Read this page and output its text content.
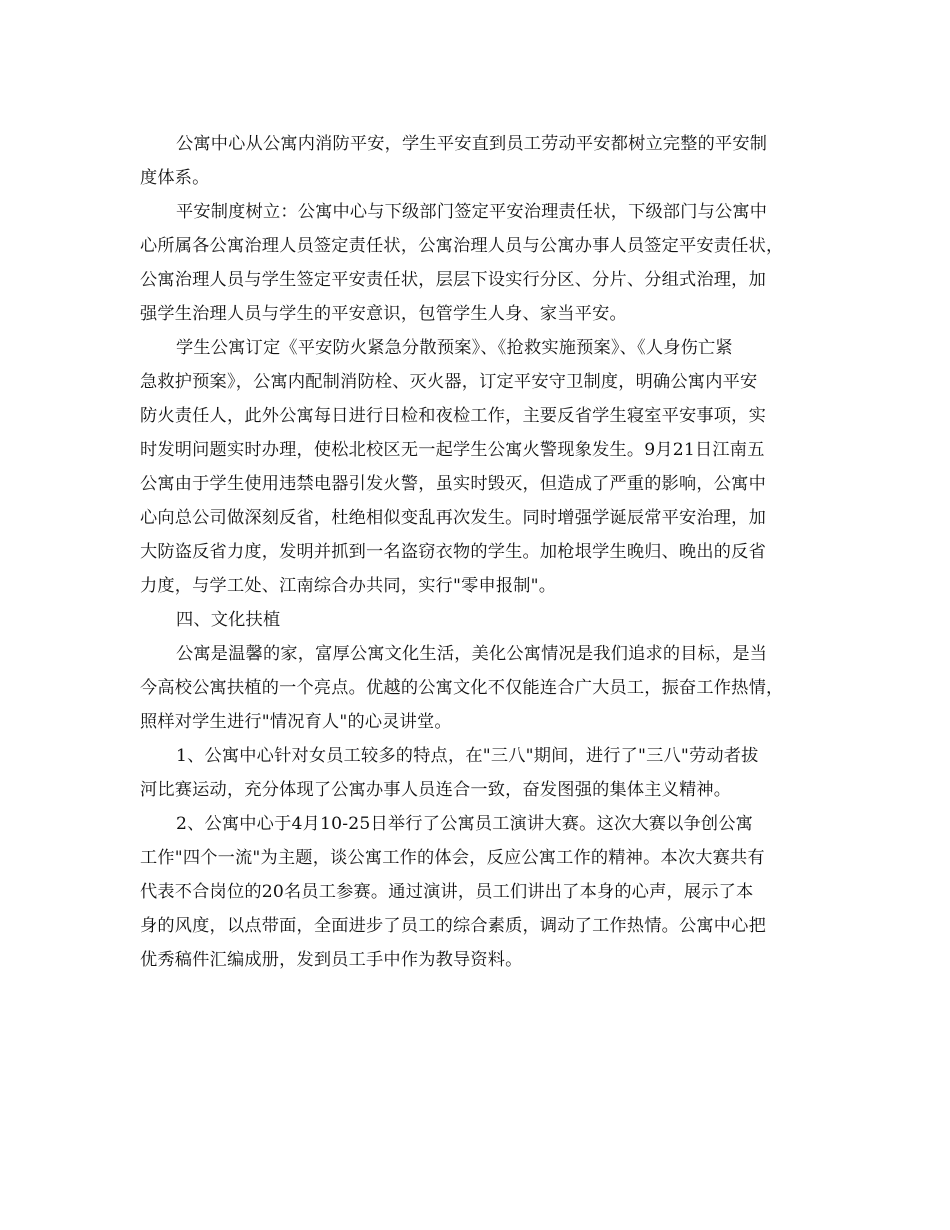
公寓中心从公寓内消防平安，学生平安直到员工劳动平安都树立完整的平安制
度体系。
平安制度树立：公寓中心与下级部门签定平安治理责任状，下级部门与公寓中
心所属各公寓治理人员签定责任状，公寓治理人员与公寓办事人员签定平安责任状，
公寓治理人员与学生签定平安责任状，层层下设实行分区、分片、分组式治理，加
强学生治理人员与学生的平安意识，包管学生人身、家当平安。
学生公寓订定《平安防火紧急分散预案》、《抢救实施预案》、《人身伤亡紧
急救护预案》，公寓内配制消防栓、灭火器，订定平安守卫制度，明确公寓内平安
防火责任人，此外公寓每日进行日检和夜检工作，主要反省学生寝室平安事项，实
时发明问题实时办理，使松北校区无一起学生公寓火警现象发生。9月21日江南五
公寓由于学生使用违禁电器引发火警，虽实时毁灭，但造成了严重的影响，公寓中
心向总公司做深刻反省，杜绝相似变乱再次发生。同时增强学诞辰常平安治理，加
大防盗反省力度，发明并抓到一名盗窃衣物的学生。加枪垠学生晚归、晚出的反省
力度，与学工处、江南综合办共同，实行"零申报制"。
四、文化扶植
公寓是温馨的家，富厚公寓文化生活，美化公寓情况是我们追求的目标，是当
今高校公寓扶植的一个亮点。优越的公寓文化不仅能连合广大员工，振奋工作热情，
照样对学生进行"情况育人"的心灵讲堂。
1、公寓中心针对女员工较多的特点，在"三八"期间，进行了"三八"劳动者拔
河比赛运动，充分体现了公寓办事人员连合一致，奋发图强的集体主义精神。
2、公寓中心于4月10-25日举行了公寓员工演讲大赛。这次大赛以争创公寓
工作"四个一流"为主题，谈公寓工作的体会，反应公寓工作的精神。本次大赛共有
代表不合岗位的20名员工参赛。通过演讲，员工们讲出了本身的心声，展示了本
身的风度，以点带面，全面进步了员工的综合素质，调动了工作热情。公寓中心把
优秀稿件汇编成册，发到员工手中作为教导资料。
